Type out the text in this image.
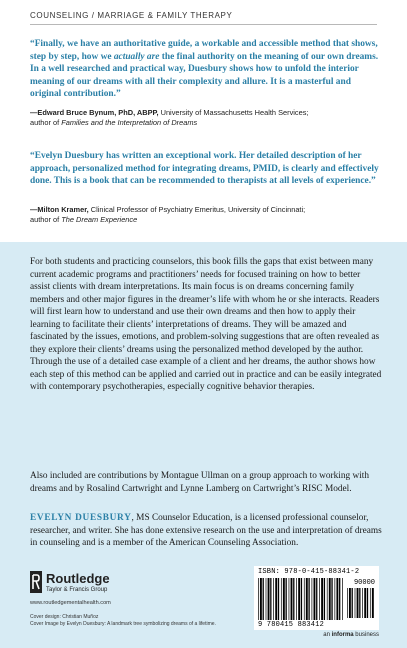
COUNSELING / MARRIAGE & FAMILY THERAPY
“Finally, we have an authoritative guide, a workable and accessible method that shows, step by step, how we actually are the final authority on the meaning of our own dreams. In a well researched and practical way, Duesbury shows how to unfold the interior meaning of our dreams with all their complexity and allure. It is a masterful and original contribution.”
—Edward Bruce Bynum, PhD, ABPP, University of Massachusetts Health Services;
author of Families and the Interpretation of Dreams
“Evelyn Duesbury has written an exceptional work. Her detailed description of her approach, personalized method for integrating dreams, PMID, is clearly and effectively done. This is a book that can be recommended to therapists at all levels of experience.”
—Milton Kramer, Clinical Professor of Psychiatry Emeritus, University of Cincinnati;
author of The Dream Experience
For both students and practicing counselors, this book fills the gaps that exist between many current academic programs and practitioners’ needs for focused training on how to better assist clients with dream interpretations. Its main focus is on dreams concerning family members and other major figures in the dreamer’s life with whom he or she interacts. Readers will first learn how to understand and use their own dreams and then how to apply their learning to facilitate their clients’ interpretations of dreams. They will be amazed and fascinated by the issues, emotions, and problem-solving suggestions that are often revealed as they explore their clients’ dreams using the personalized method developed by the author. Through the use of a detailed case example of a client and her dreams, the author shows how each step of this method can be applied and carried out in practice and can be easily integrated with contemporary psychotherapies, especially cognitive behavior therapies.
Also included are contributions by Montague Ullman on a group approach to working with dreams and by Rosalind Cartwright and Lynne Lamberg on Cartwright’s RISC Model.
EVELYN DUESBURY, MS Counselor Education, is a licensed professional counselor, researcher, and writer. She has done extensive research on the use and interpretation of dreams in counseling and is a member of the American Counseling Association.
Routledge
Taylor & Francis Group
www.routledgementalhealth.com
Cover design: Christian Muñoz
Cover Image by Evelyn Duesbury: A landmark tree symbolizing dreams of a lifetime.
ISBN: 978-0-415-88341-2
90000
9 780415 883412
an informa business
